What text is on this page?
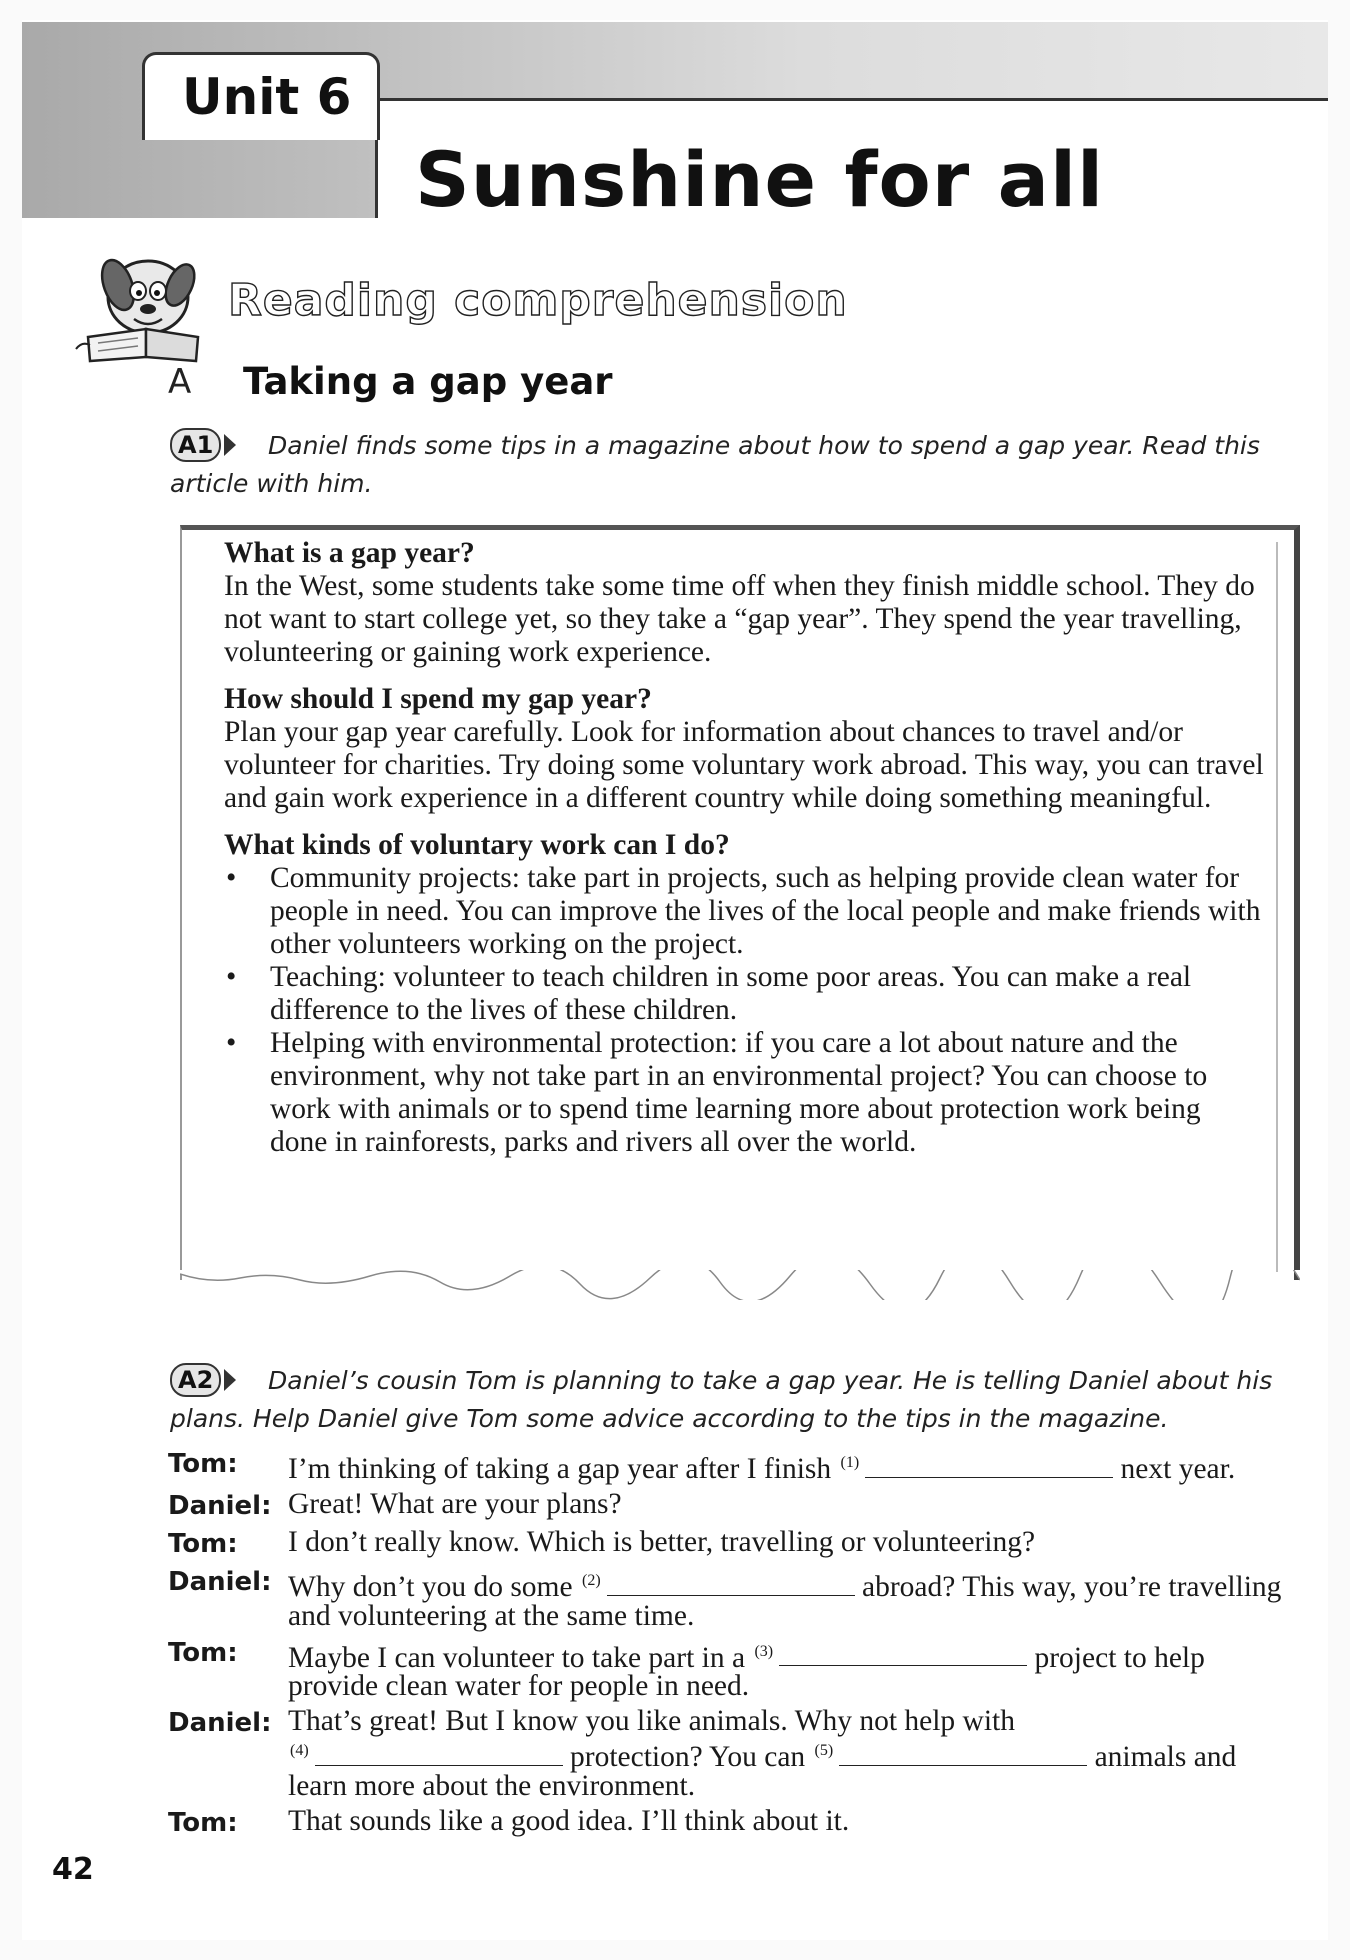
Unit 6
Sunshine for all
Reading comprehension
A Taking a gap year
A1	Daniel finds some tips in a magazine about how to spend a gap year. Read this article with him.
What is a gap year?

In the West, some students take some time off when they finish middle school. They do not want to start college yet, so they take a “gap year”. They spend the year travelling, volunteering or gaining work experience.

How should I spend my gap year?

Plan your gap year carefully. Look for information about chances to travel and/or volunteer for charities. Try doing some voluntary work abroad. This way, you can travel and gain work experience in a different country while doing something meaningful.

What kinds of voluntary work can I do?
• Community projects: take part in projects, such as helping provide clean water for people in need. You can improve the lives of the local people and make friends with other volunteers working on the project.
• Teaching: volunteer to teach children in some poor areas. You can make a real difference to the lives of these children.
• Helping with environmental protection: if you care a lot about nature and the environment, why not take part in an environmental project? You can choose to work with animals or to spend time learning more about protection work being done in rainforests, parks and rivers all over the world.
A2	Daniel’s cousin Tom is planning to take a gap year. He is telling Daniel about his plans. Help Daniel give Tom some advice according to the tips in the magazine.
Tom:	I’m thinking of taking a gap year after I finish $^{(1)}$	next year.
Daniel: Great! What are your plans?
Tom:	I don’t really know. Which is better, travelling or volunteering?
Daniel: Why don’t you do some $^{(2)}$	abroad? This way, you’re travelling and volunteering at the same time.
Tom:	Maybe I can volunteer to take part in a $^{(3)}$	project to help provide clean water for people in need.
Daniel: That’s great! But I know you like animals. Why not help with
$^{(4)}$	protection? You can $^{(5)}$	animals and learn more about the environment.
Tom:	That sounds like a good idea. I’ll think about it.
42
